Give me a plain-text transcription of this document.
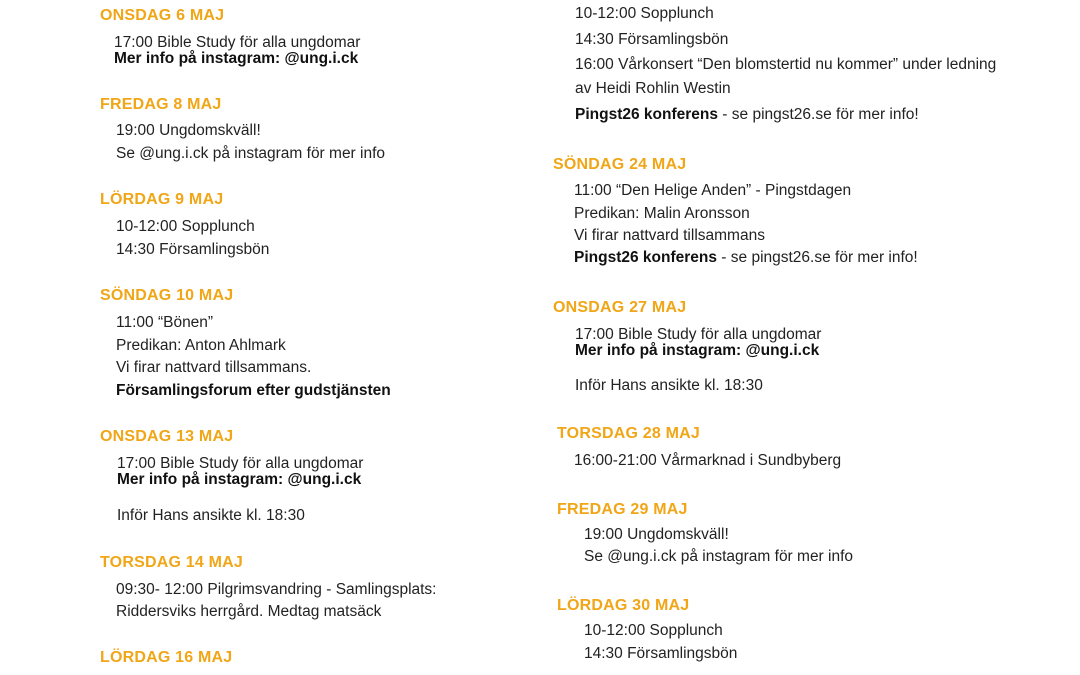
ONSDAG 6 MAJ
17:00 Bible Study för alla ungdomar
Mer info på instagram: @ung.i.ck
FREDAG 8 MAJ
19:00 Ungdomskväll!
Se @ung.i.ck på instagram för mer info
LÖRDAG 9 MAJ
10-12:00 Sopplunch
14:30 Församlingsbön
SÖNDAG 10 MAJ
11:00 “Bönen”
Predikan: Anton Ahlmark
Vi firar nattvard tillsammans.
Församlingsforum efter gudstjänsten
ONSDAG 13 MAJ
17:00 Bible Study för alla ungdomar
Mer info på instagram: @ung.i.ck
Inför Hans ansikte kl. 18:30
TORSDAG 14 MAJ
09:30- 12:00 Pilgrimsvandring - Samlingsplats:
Riddersviks herrgård. Medtag matsäck
LÖRDAG 16 MAJ
10-12:00 Sopplunch
14:30 Församlingsbön
16:00 Vårkonsert “Den blomstertid nu kommer” under ledning
av Heidi Rohlin Westin
Pingst26 konferens - se pingst26.se för mer info!
SÖNDAG 24 MAJ
11:00 “Den Helige Anden” - Pingstdagen
Predikan: Malin Aronsson
Vi firar nattvard tillsammans
Pingst26 konferens - se pingst26.se för mer info!
ONSDAG 27 MAJ
17:00 Bible Study för alla ungdomar
Mer info på instagram: @ung.i.ck
Inför Hans ansikte kl. 18:30
TORSDAG 28 MAJ
16:00-21:00 Vårmarknad i Sundbyberg
FREDAG 29 MAJ
19:00 Ungdomskväll!
Se @ung.i.ck på instagram för mer info
LÖRDAG 30 MAJ
10-12:00 Sopplunch
14:30 Församlingsbön
